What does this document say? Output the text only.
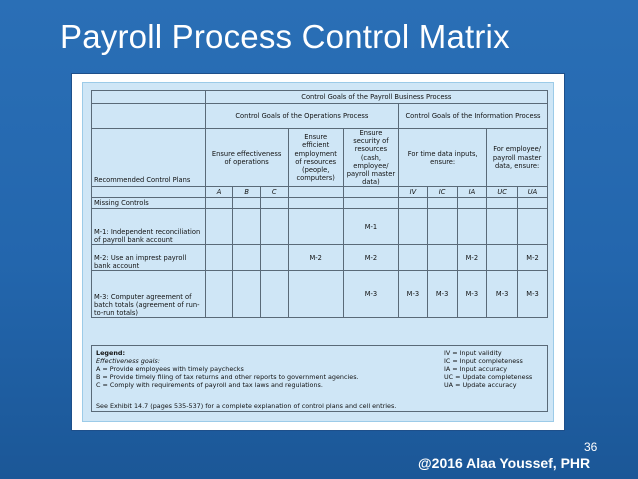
Payroll Process Control Matrix
	Control Goals of the Payroll Business Process									
	Control Goals of the Operations Process					Control Goals of the Information Process				
Recommended Control Plans	Ensure effectiveness of operations			Ensure efficient employment of resources (people, computers)	Ensure security of resources (cash, employee/ payroll master data)	For time data inputs, ensure:			For employee/ payroll master data, ensure:	
	A	B	C			IV	IC	IA	UC	UA
Missing Controls										
M-1: Independent reconciliation of payroll bank account					M-1					
M-2: Use an imprest payroll bank account				M-2	M-2			M-2		M-2
M-3: Computer agreement of batch totals (agreement of run-to-run totals)					M-3	M-3	M-3	M-3	M-3	M-3
Legend:
Effectiveness goals:
A = Provide employees with timely paychecks
B = Provide timely filing of tax returns and other reports to government agencies.
C = Comply with requirements of payroll and tax laws and regulations.
IV = Input validity
IC = Input completeness
IA = Input accuracy
UC = Update completeness
UA = Update accuracy
See Exhibit 14.7 (pages 535-537) for a complete explanation of control plans and cell entries.
36
@2016 Alaa Youssef, PHR
